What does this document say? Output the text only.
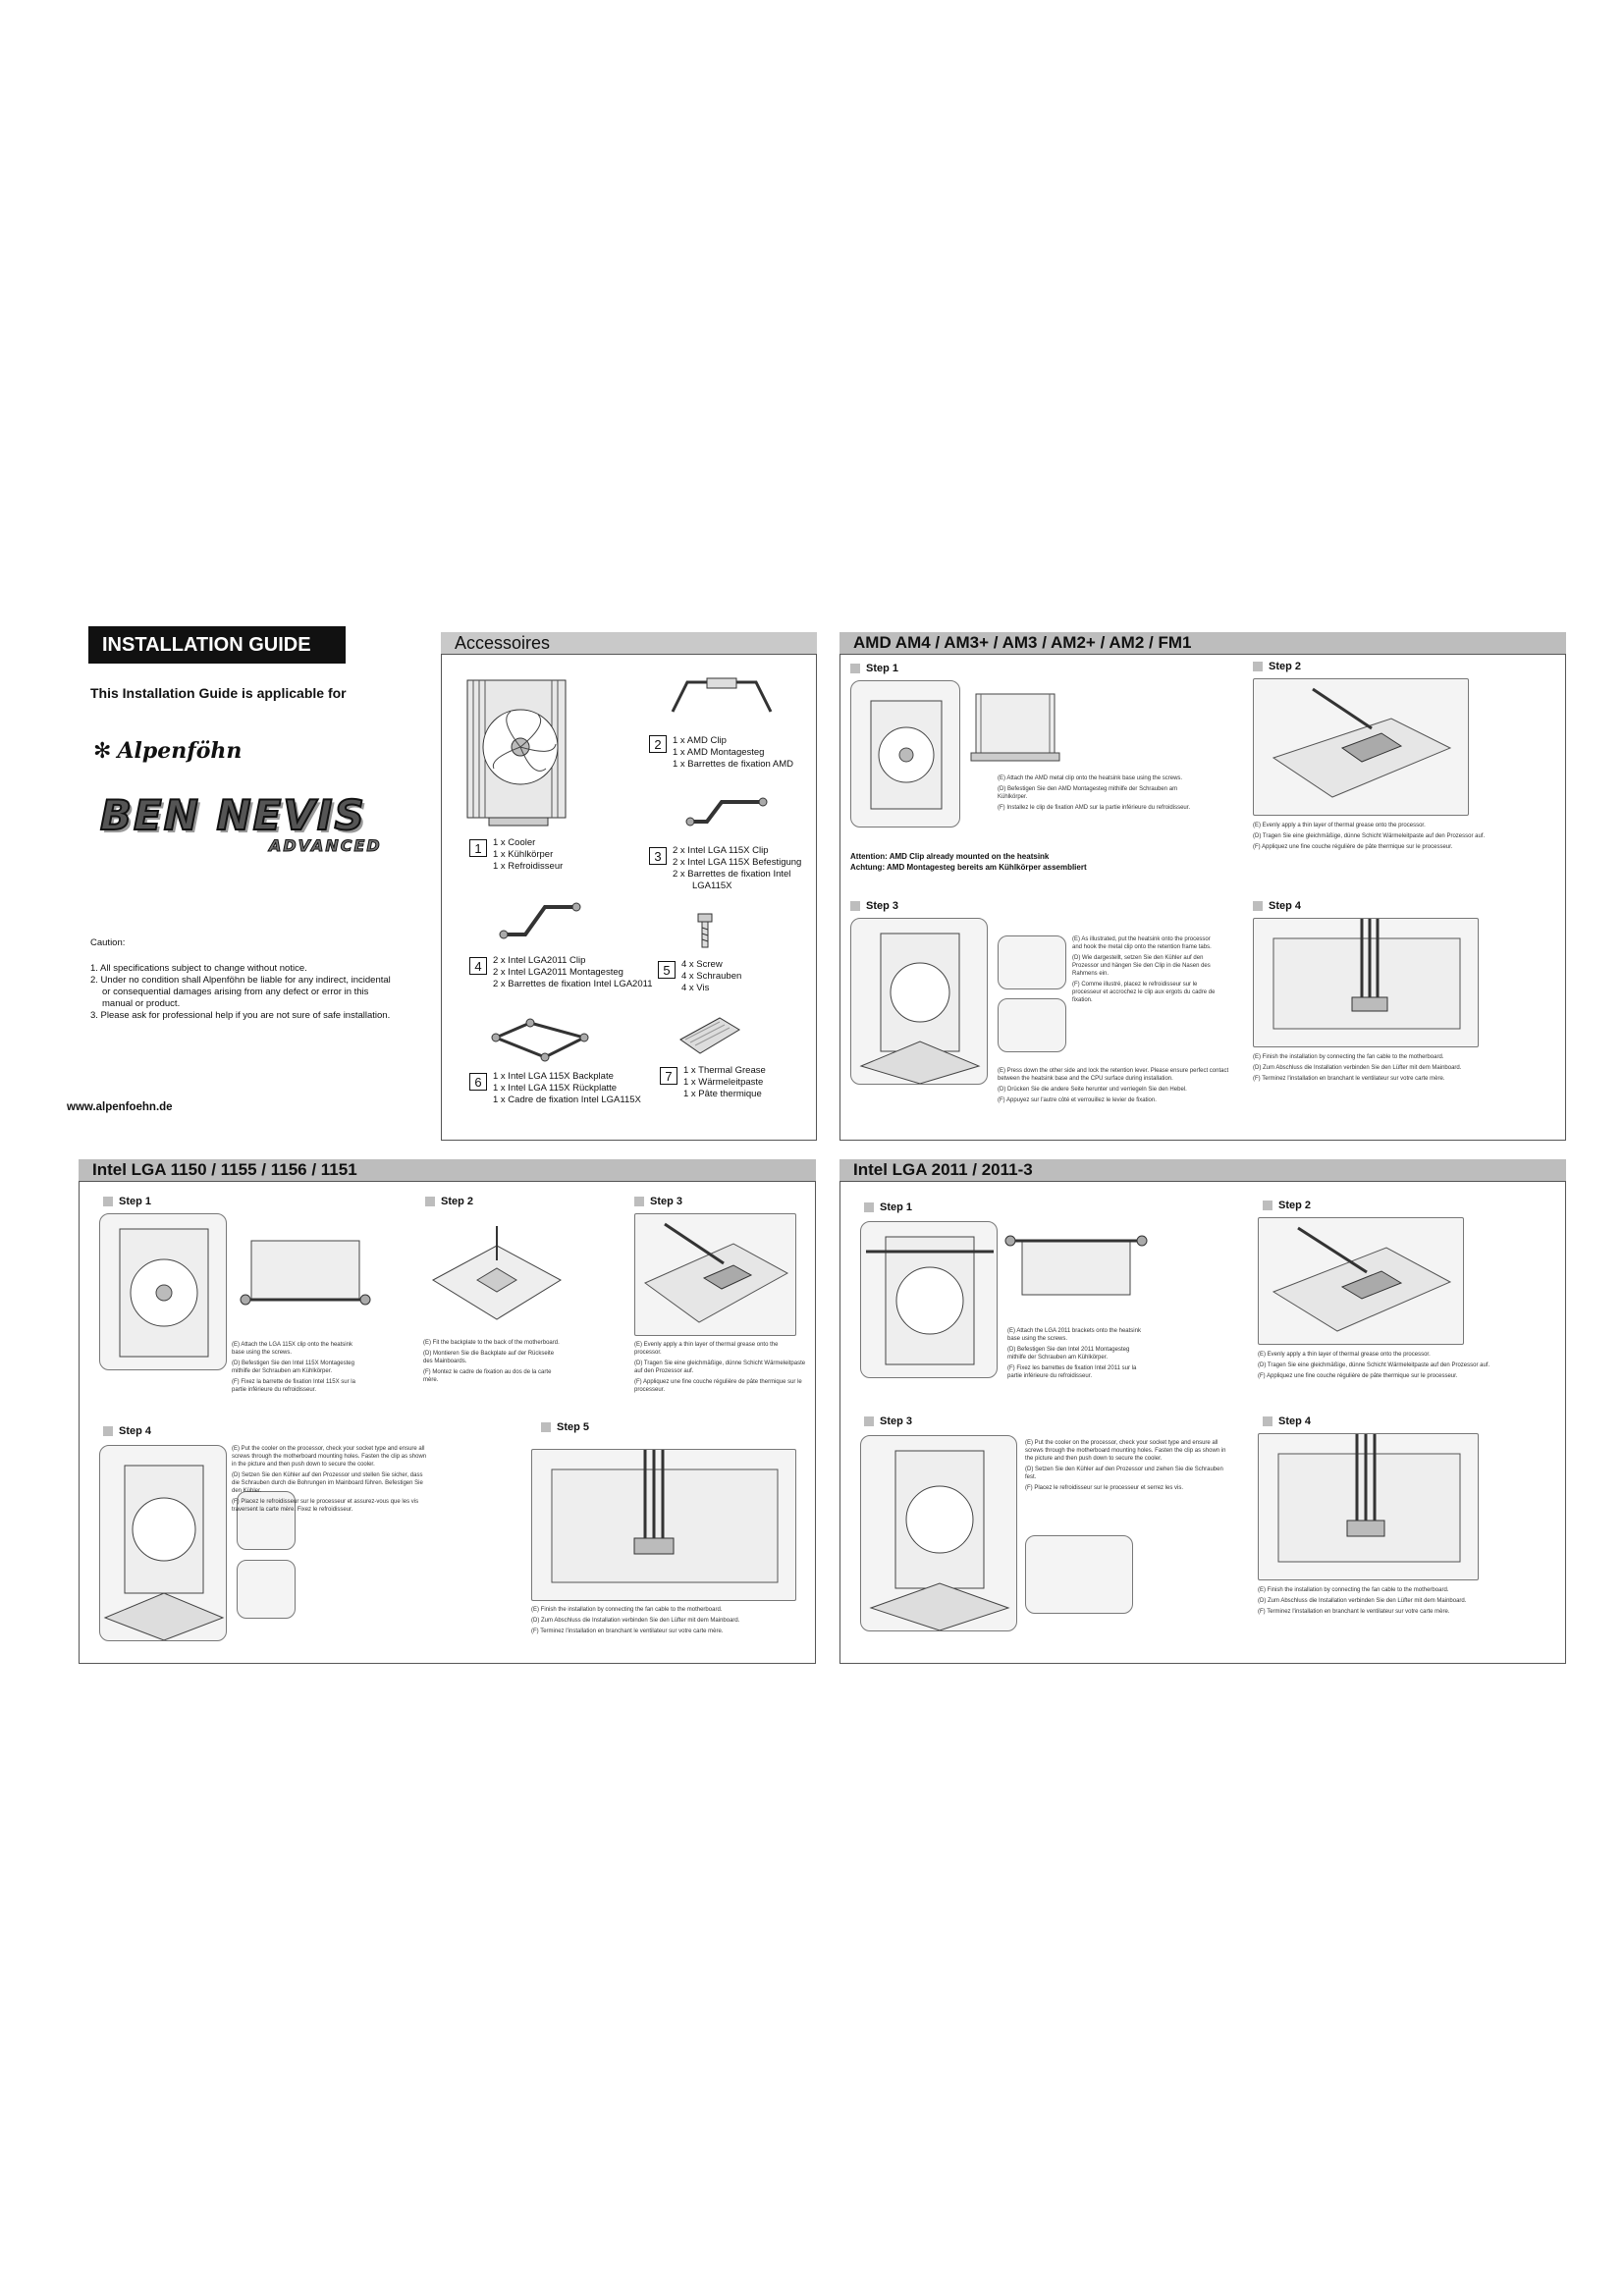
INSTALLATION GUIDE
This Installation Guide is applicable for
✻ Alpenföhn
BEN NEVIS
ADVANCED
Caution:
1. All specifications subject to change without notice.
2. Under no condition shall Alpenföhn be liable for any indirect, incidental
or consequential damages arising from any defect or error in this
manual or product.
3. Please ask for professional help if you are not sure of safe installation.
www.alpenfoehn.de
Accessoires
1	1 x Cooler
1 x Kühlkörper
1 x Refroidisseur
2	1 x AMD Clip
1 x AMD Montagesteg
1 x Barrettes de fixation AMD
3	2 x Intel LGA 115X Clip
2 x Intel LGA 115X Befestigung
2 x Barrettes de fixation Intel
LGA115X
4	2 x Intel LGA2011 Clip
2 x Intel LGA2011 Montagesteg
2 x Barrettes de fixation Intel LGA2011
5	4 x Screw
4 x Schrauben
4 x Vis
6	1 x Intel LGA 115X Backplate
1 x Intel LGA 115X Rückplatte
1 x Cadre de fixation Intel LGA115X
7	1 x Thermal Grease
1 x Wärmeleitpaste
1 x Pâte thermique
AMD AM4 / AM3+ / AM3 / AM2+ / AM2 / FM1
Step 1

(E) Attach the AMD metal clip onto the heatsink base using the screws.

(D) Befestigen Sie den AMD Montagesteg mithilfe der Schrauben am Kühlkörper.

(F) Installez le clip de fixation AMD sur la partie inférieure du refroidisseur.

Attention: AMD Clip already mounted on the heatsink
Achtung: AMD Montagesteg bereits am Kühlkörper assembliert
Step 2

(E) Evenly apply a thin layer of thermal grease onto the processor.

(D) Tragen Sie eine gleichmäßige, dünne Schicht Wärmeleitpaste auf den Prozessor auf.

(F) Appliquez une fine couche régulière de pâte thermique sur le processeur.

Step 3

(E) As illustrated, put the heatsink onto the processor and hook the metal clip onto the retention frame tabs.

(D) Wie dargestellt, setzen Sie den Kühler auf den Prozessor und hängen Sie den Clip in die Nasen des Rahmens ein.

(F) Comme illustré, placez le refroidisseur sur le processeur et accrochez le clip aux ergots du cadre de fixation.

(E) Press down the other side and lock the retention lever. Please ensure perfect contact between the heatsink base and the CPU surface during installation.

(D) Drücken Sie die andere Seite herunter und verriegeln Sie den Hebel.

(F) Appuyez sur l'autre côté et verrouillez le levier de fixation.

Step 4

(E) Finish the installation by connecting the fan cable to the motherboard.

(D) Zum Abschluss die Installation verbinden Sie den Lüfter mit dem Mainboard.

(F) Terminez l'installation en branchant le ventilateur sur votre carte mère.

Intel LGA 1150 / 1155 / 1156 / 1151
Step 1

(E) Attach the LGA 115X clip onto the heatsink base using the screws.

(D) Befestigen Sie den Intel 115X Montagesteg mithilfe der Schrauben am Kühlkörper.

(F) Fixez la barrette de fixation Intel 115X sur la partie inférieure du refroidisseur.

Step 2

(E) Fit the backplate to the back of the motherboard.

(D) Montieren Sie die Backplate auf der Rückseite des Mainboards.

(F) Montez le cadre de fixation au dos de la carte mère.

Step 3

(E) Evenly apply a thin layer of thermal grease onto the processor.

(D) Tragen Sie eine gleichmäßige, dünne Schicht Wärmeleitpaste auf den Prozessor auf.

(F) Appliquez une fine couche régulière de pâte thermique sur le processeur.

Step 4

(E) Put the cooler on the processor, check your socket type and ensure all screws through the motherboard mounting holes. Fasten the clip as shown in the picture and then push down to secure the cooler.

(D) Setzen Sie den Kühler auf den Prozessor und stellen Sie sicher, dass die Schrauben durch die Bohrungen im Mainboard führen. Befestigen Sie den Kühler.

(F) Placez le refroidisseur sur le processeur et assurez-vous que les vis traversent la carte mère. Fixez le refroidisseur.

Step 5

(E) Finish the installation by connecting the fan cable to the motherboard.

(D) Zum Abschluss die Installation verbinden Sie den Lüfter mit dem Mainboard.

(F) Terminez l'installation en branchant le ventilateur sur votre carte mère.

Intel LGA 2011 / 2011-3
Step 1

(E) Attach the LGA 2011 brackets onto the heatsink base using the screws.

(D) Befestigen Sie den Intel 2011 Montagesteg mithilfe der Schrauben am Kühlkörper.

(F) Fixez les barrettes de fixation Intel 2011 sur la partie inférieure du refroidisseur.

Step 2

(E) Evenly apply a thin layer of thermal grease onto the processor.

(D) Tragen Sie eine gleichmäßige, dünne Schicht Wärmeleitpaste auf den Prozessor auf.

(F) Appliquez une fine couche régulière de pâte thermique sur le processeur.

Step 3

(E) Put the cooler on the processor, check your socket type and ensure all screws through the motherboard mounting holes. Fasten the clip as shown in the picture and then push down to secure the cooler.

(D) Setzen Sie den Kühler auf den Prozessor und ziehen Sie die Schrauben fest.

(F) Placez le refroidisseur sur le processeur et serrez les vis.

Step 4

(E) Finish the installation by connecting the fan cable to the motherboard.

(D) Zum Abschluss die Installation verbinden Sie den Lüfter mit dem Mainboard.

(F) Terminez l'installation en branchant le ventilateur sur votre carte mère.
